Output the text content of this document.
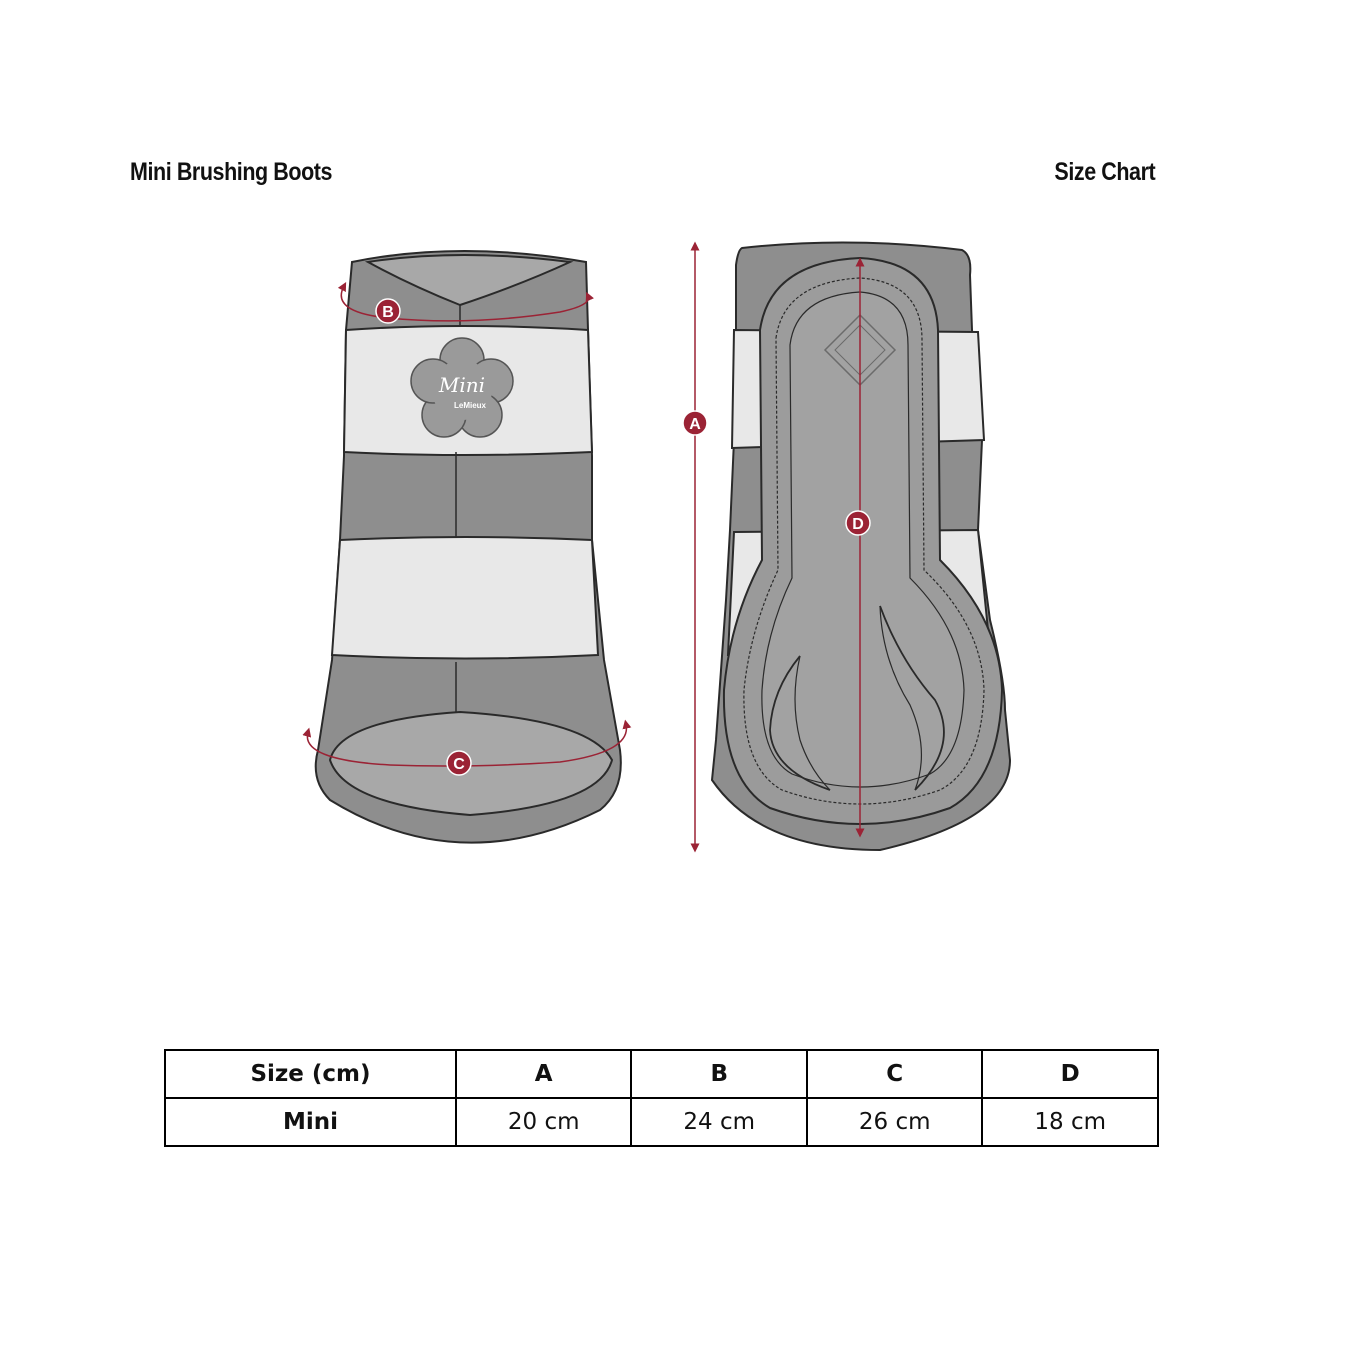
Mini Brushing Boots	Size Chart
Mini
LeMieux
A
B
C
D
Size (cm)	A	B	C	D
Mini	20 cm	24 cm	26 cm	18 cm
